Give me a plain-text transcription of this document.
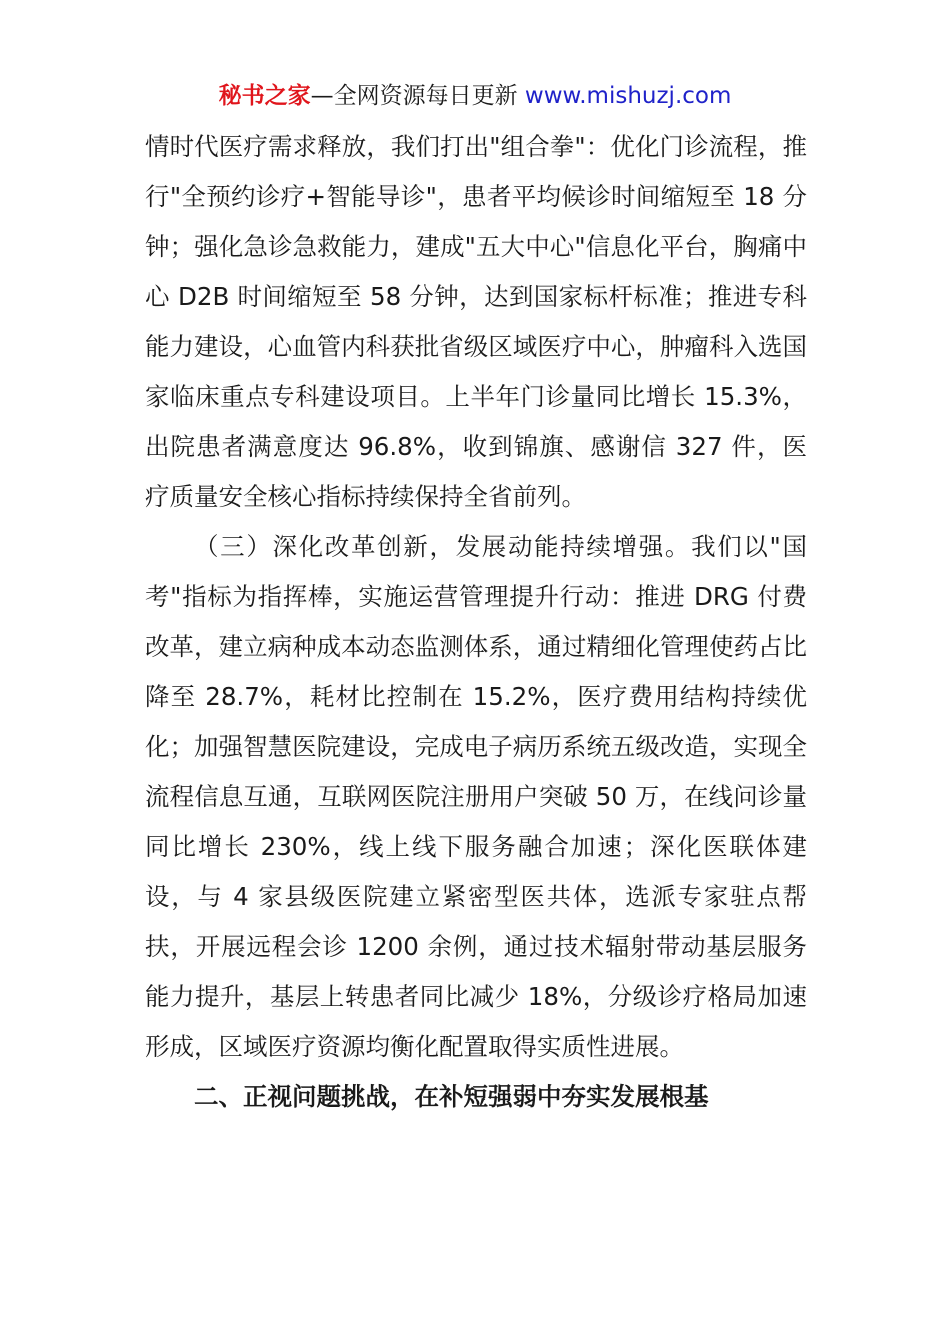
秘书之家—全网资源每日更新 www.mishuzj.com

情时代医疗需求释放，我们打出"组合拳"：优化门诊流程，推行"全预约诊疗+智能导诊"，患者平均候诊时间缩短至 18 分钟；强化急诊急救能力，建成"五大中心"信息化平台，胸痛中心 D2B 时间缩短至 58 分钟，达到国家标杆标准；推进专科能力建设，心血管内科获批省级区域医疗中心，肿瘤科入选国家临床重点专科建设项目。上半年门诊量同比增长 15.3%，出院患者满意度达 96.8%，收到锦旗、感谢信 327 件，医疗质量安全核心指标持续保持全省前列。

（三）深化改革创新，发展动能持续增强。我们以"国考"指标为指挥棒，实施运营管理提升行动：推进 DRG 付费改革，建立病种成本动态监测体系，通过精细化管理使药占比降至 28.7%，耗材比控制在 15.2%，医疗费用结构持续优化；加强智慧医院建设，完成电子病历系统五级改造，实现全流程信息互通，互联网医院注册用户突破 50 万，在线问诊量同比增长 230%，线上线下服务融合加速；深化医联体建设，与 4 家县级医院建立紧密型医共体，选派专家驻点帮扶，开展远程会诊 1200 余例，通过技术辐射带动基层服务能力提升，基层上转患者同比减少 18%，分级诊疗格局加速形成，区域医疗资源均衡化配置取得实质性进展。

二、正视问题挑战，在补短强弱中夯实发展根基
